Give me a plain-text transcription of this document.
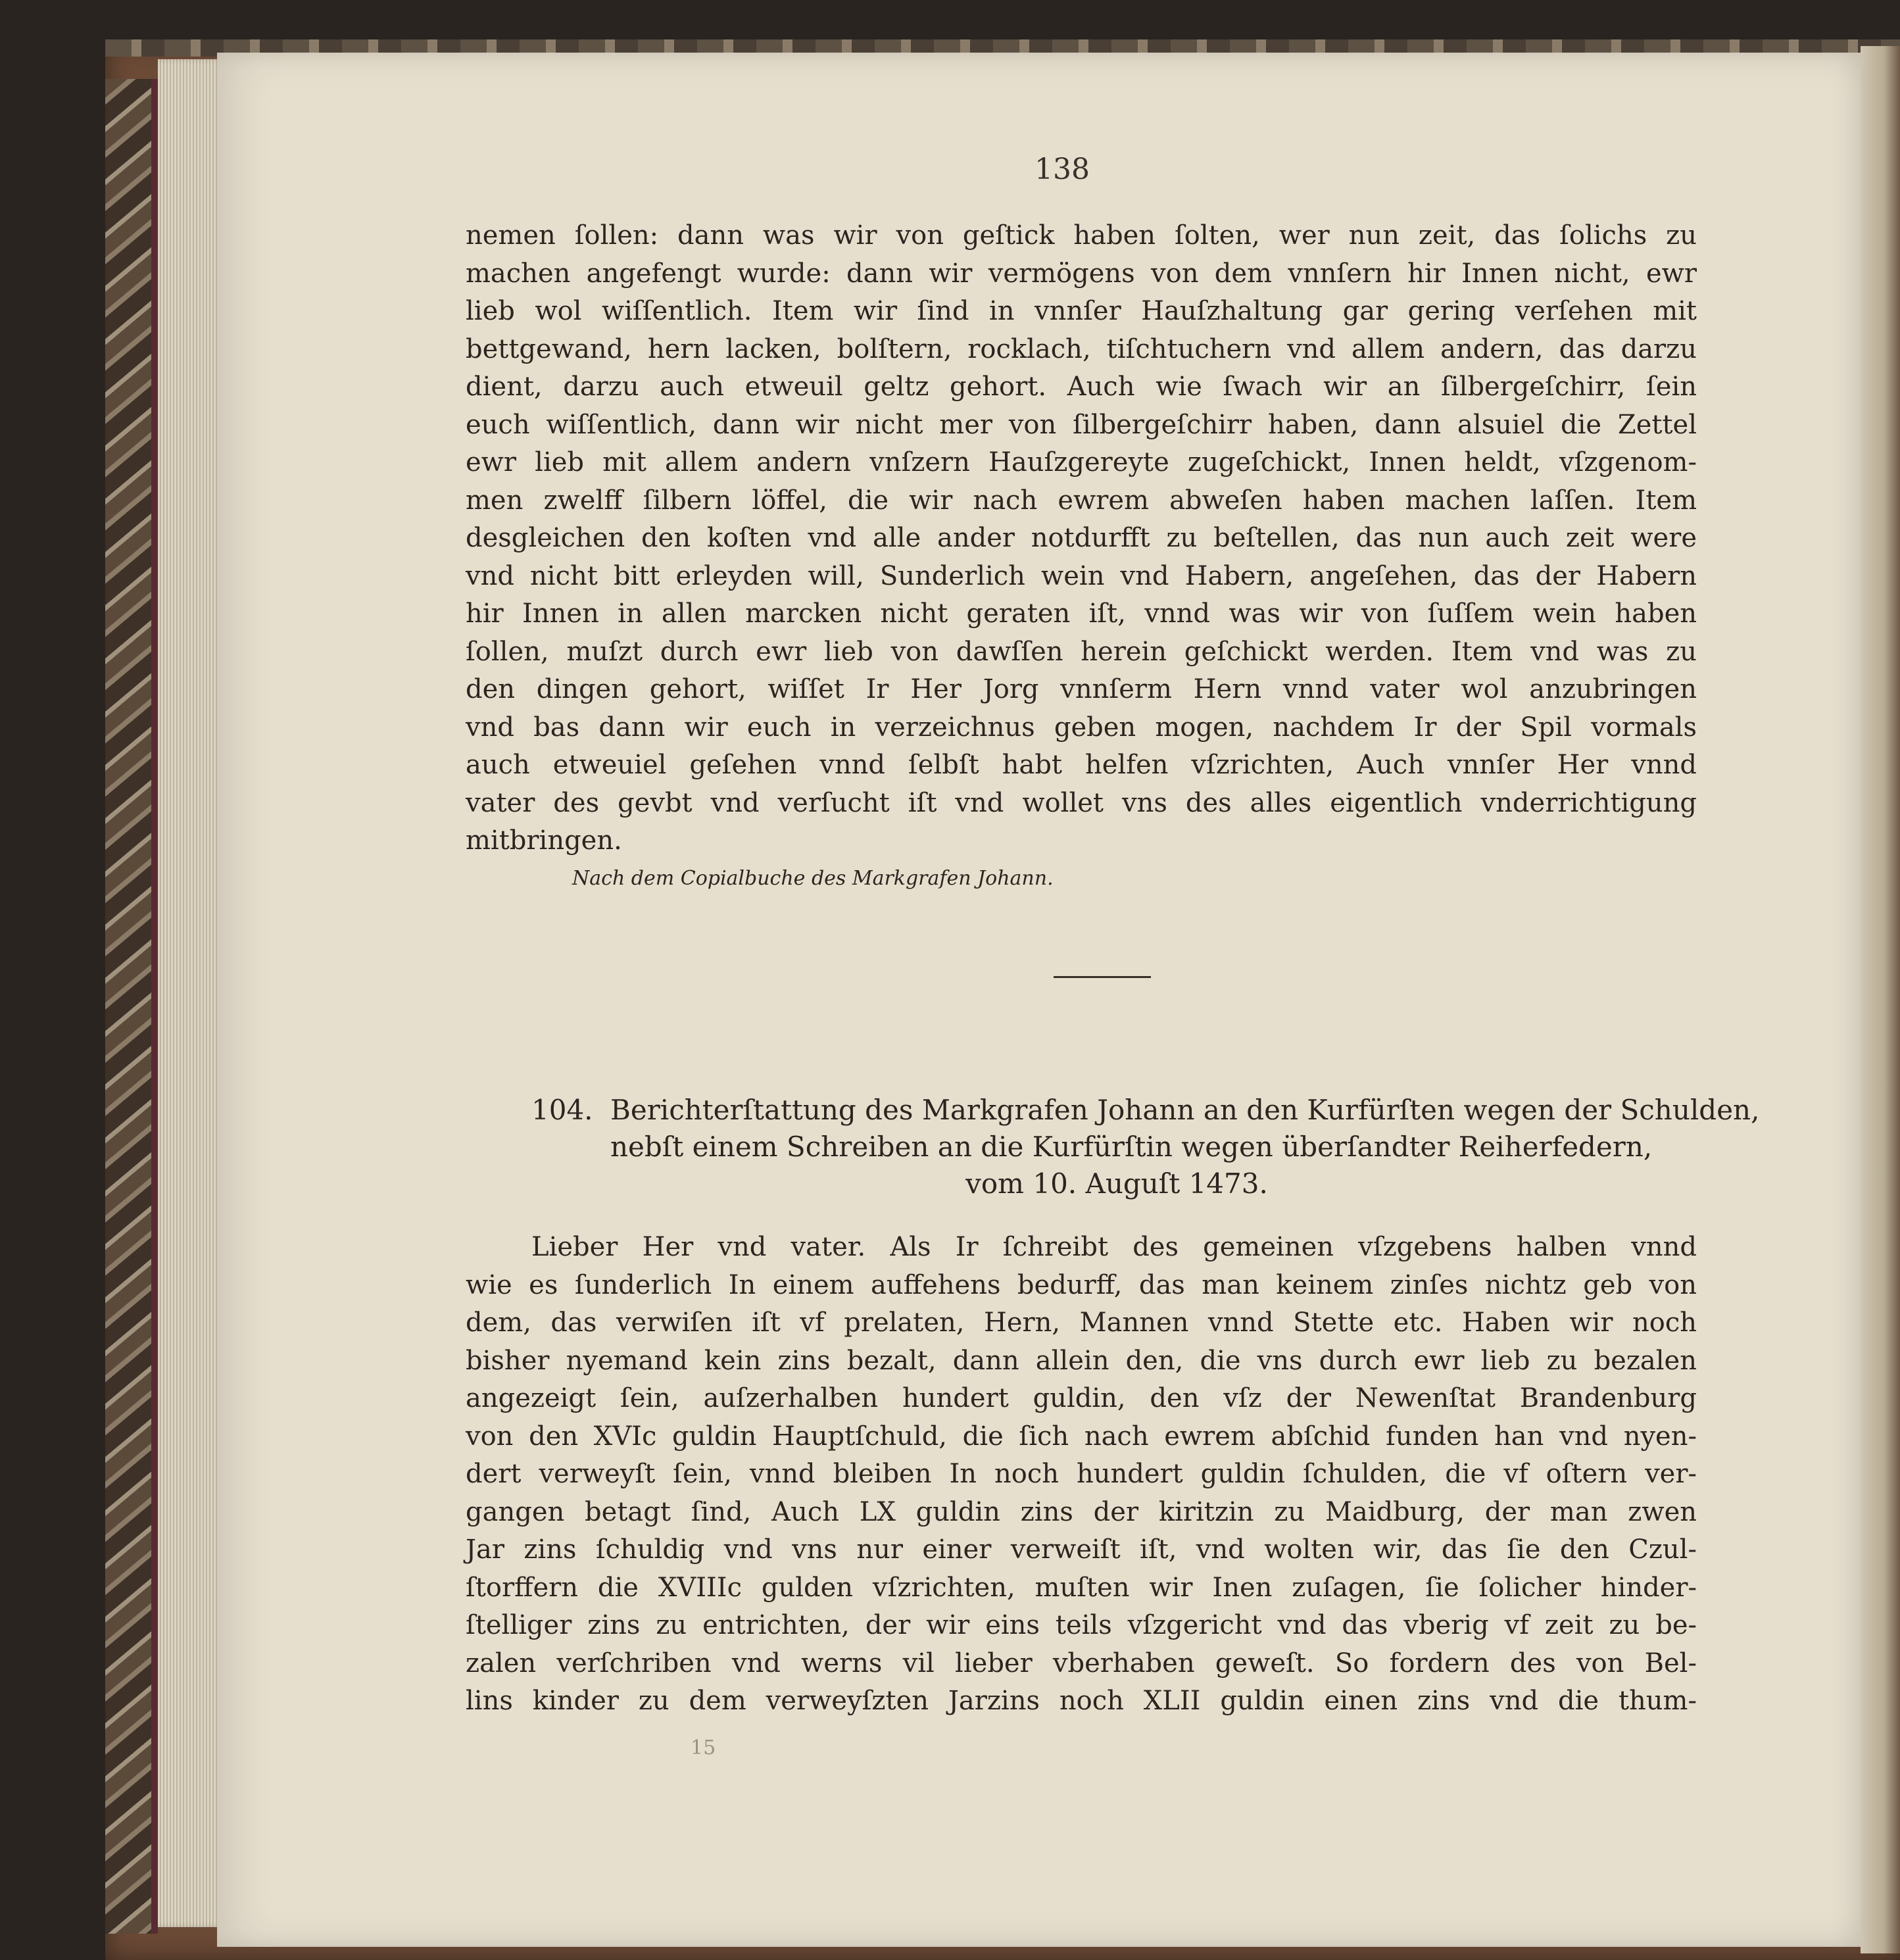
138
nemen ſollen: dann was wir von geſtick haben ſolten, wer nun zeit, das ſolichs zu
machen angefengt wurde: dann wir vermögens von dem vnnſern hir Innen nicht, ewr
lieb wol wiſſentlich. Item wir ſind in vnnſer Hauſzhaltung gar gering verſehen mit
bettgewand, hern lacken, bolſtern, rocklach, tiſchtuchern vnd allem andern, das darzu
dient, darzu auch etweuil geltz gehort. Auch wie ſwach wir an ſilbergeſchirr, ſein
euch wiſſentlich, dann wir nicht mer von ſilbergeſchirr haben, dann alsuiel die Zettel
ewr lieb mit allem andern vnſzern Hauſzgereyte zugeſchickt, Innen heldt, vſzgenom-
men zwelff ſilbern löffel, die wir nach ewrem abweſen haben machen laſſen. Item
desgleichen den koſten vnd alle ander notdurfft zu beſtellen, das nun auch zeit were
vnd nicht bitt erleyden will, Sunderlich wein vnd Habern, angeſehen, das der Habern
hir Innen in allen marcken nicht geraten iſt, vnnd was wir von ſuſſem wein haben
ſollen, muſzt durch ewr lieb von dawſſen herein geſchickt werden. Item vnd was zu
den dingen gehort, wiſſet Ir Her Jorg vnnſerm Hern vnnd vater wol anzubringen
vnd bas dann wir euch in verzeichnus geben mogen, nachdem Ir der Spil vormals
auch etweuiel geſehen vnnd ſelbſt habt helfen vſzrichten, Auch vnnſer Her vnnd
vater des gevbt vnd verſucht iſt vnd wollet vns des alles eigentlich vnderrichtigung
mitbringen.
Nach dem Copialbuche des Markgrafen Johann.
104. Berichterſtattung des Markgrafen Johann an den Kurfürſten wegen der Schulden,
nebſt einem Schreiben an die Kurfürſtin wegen überſandter Reiherfedern,
vom 10. Auguſt 1473.
Lieber Her vnd vater. Als Ir ſchreibt des gemeinen vſzgebens halben vnnd
wie es ſunderlich In einem auffehens bedurff, das man keinem zinſes nichtz geb von
dem, das verwiſen iſt vf prelaten, Hern, Mannen vnnd Stette etc. Haben wir noch
bisher nyemand kein zins bezalt, dann allein den, die vns durch ewr lieb zu bezalen
angezeigt ſein, auſzerhalben hundert guldin, den vſz der Newenſtat Brandenburg
von den XVIc guldin Hauptſchuld, die ſich nach ewrem abſchid funden han vnd nyen-
dert verweyſt ſein, vnnd bleiben In noch hundert guldin ſchulden, die vf oſtern ver-
gangen betagt ſind, Auch LX guldin zins der kiritzin zu Maidburg, der man zwen
Jar zins ſchuldig vnd vns nur einer verweiſt iſt, vnd wolten wir, das ſie den Czul-
ſtorffern die XVIIIc gulden vſzrichten, muſten wir Inen zuſagen, ſie ſolicher hinder-
ſtelliger zins zu entrichten, der wir eins teils vſzgericht vnd das vberig vf zeit zu be-
zalen verſchriben vnd werns vil lieber vberhaben geweſt. So fordern des von Bel-
lins kinder zu dem verweyſzten Jarzins noch XLII guldin einen zins vnd die thum-
15
